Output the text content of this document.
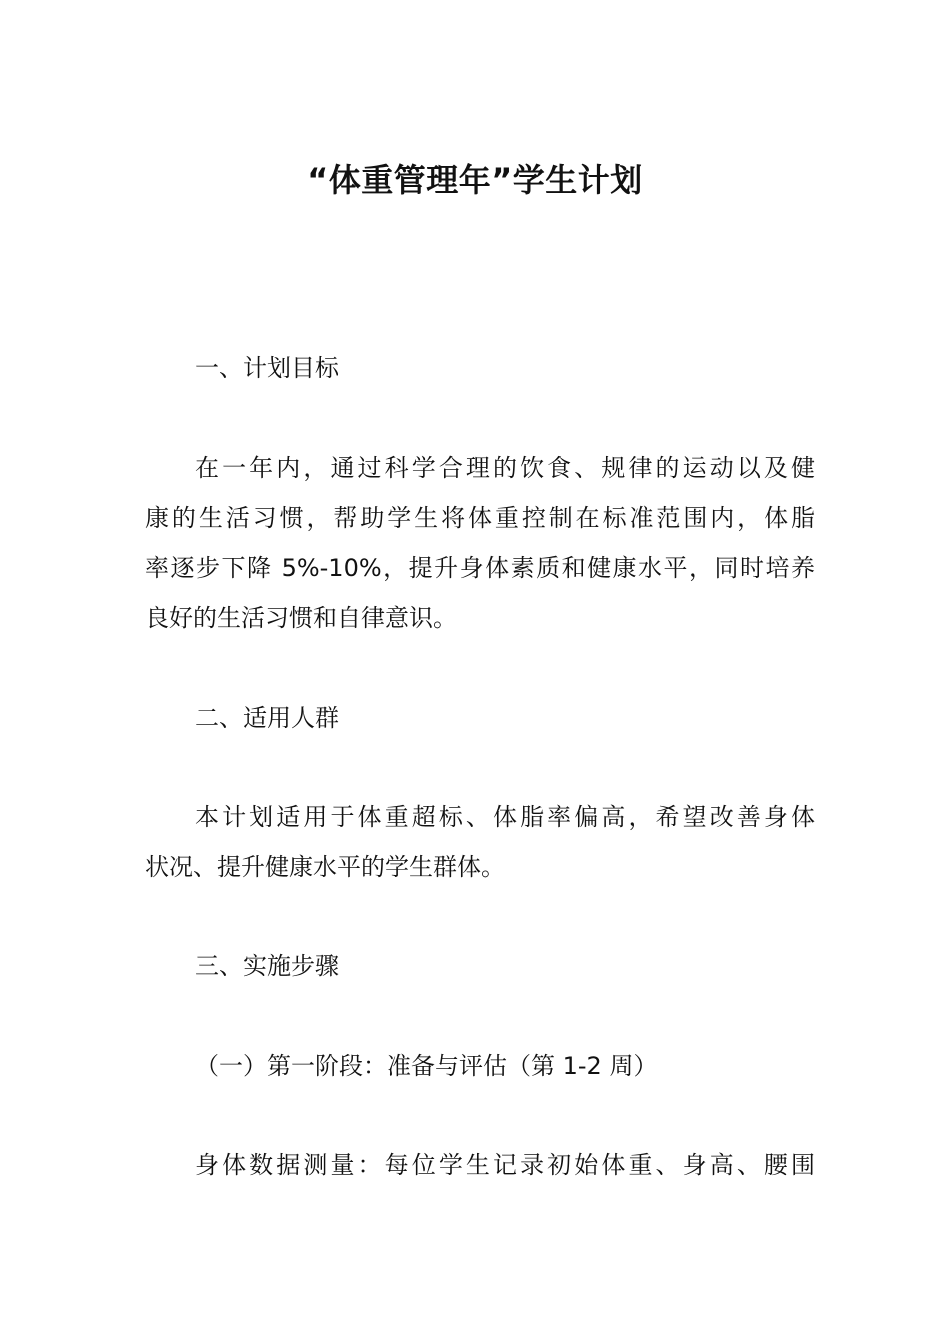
“体重管理年”学生计划
一、计划目标
在一年内，通过科学合理的饮食、规律的运动以及健
康的生活习惯，帮助学生将体重控制在标准范围内，体脂
率逐步下降 5%-10%，提升身体素质和健康水平，同时培养
良好的生活习惯和自律意识。
二、适用人群
本计划适用于体重超标、体脂率偏高，希望改善身体
状况、提升健康水平的学生群体。
三、实施步骤
（一）第一阶段：准备与评估（第 1-2 周）
身体数据测量：每位学生记录初始体重、身高、腰围
